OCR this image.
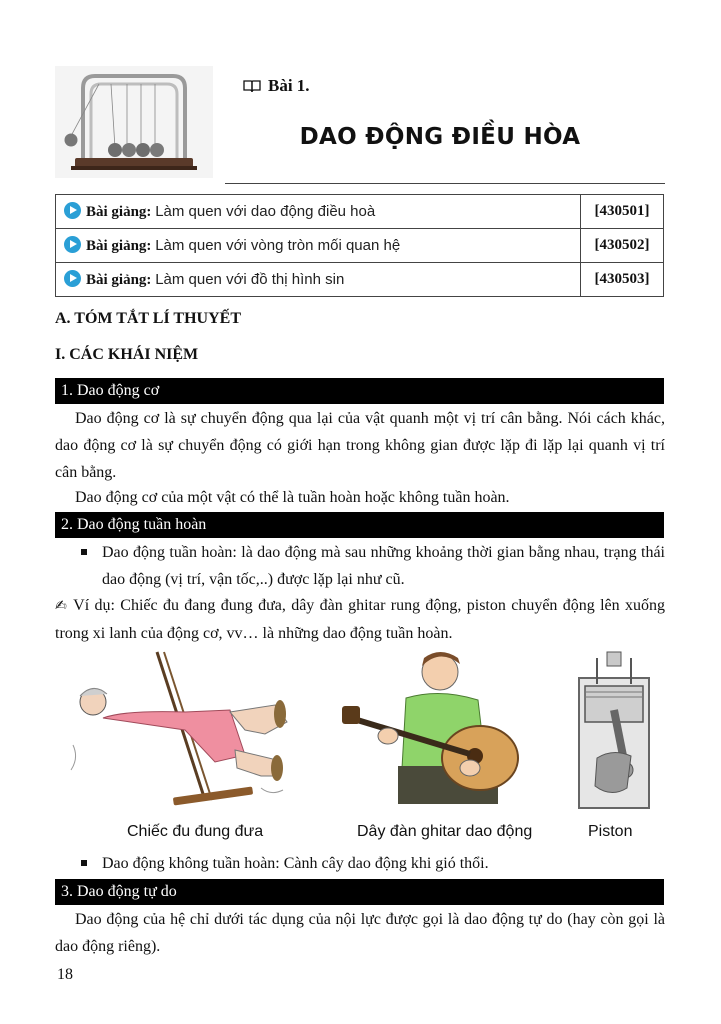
Bài 1.
DAO ĐỘNG ĐIỀU HÒA
Bài giảng: Làm quen với dao động điều hoà	[430501]
Bài giảng: Làm quen với vòng tròn mối quan hệ	[430502]
Bài giảng: Làm quen với đồ thị hình sin	[430503]
A. TÓM TẮT LÍ THUYẾT
I. CÁC KHÁI NIỆM
1. Dao động cơ
Dao động cơ là sự chuyển động qua lại của vật quanh một vị trí cân bằng. Nói cách khác, dao động cơ là sự chuyển động có giới hạn trong không gian được lặp đi lặp lại quanh vị trí cân bằng.
Dao động cơ của một vật có thể là tuần hoàn hoặc không tuần hoàn.
2. Dao động tuần hoàn
Dao động tuần hoàn: là dao động mà sau những khoảng thời gian bằng nhau, trạng thái dao động (vị trí, vận tốc,..) được lặp lại như cũ.
✍ Ví dụ: Chiếc đu đang đung đưa, dây đàn ghitar rung động, piston chuyển động lên xuống trong xi lanh của động cơ, vv… là những dao động tuần hoàn.
Chiếc đu đung đưa	Dây đàn ghitar dao động	Piston
Dao động không tuần hoàn: Cành cây dao động khi gió thổi.
3. Dao động tự do
Dao động của hệ chỉ dưới tác dụng của nội lực được gọi là dao động tự do (hay còn gọi là dao động riêng).
18
